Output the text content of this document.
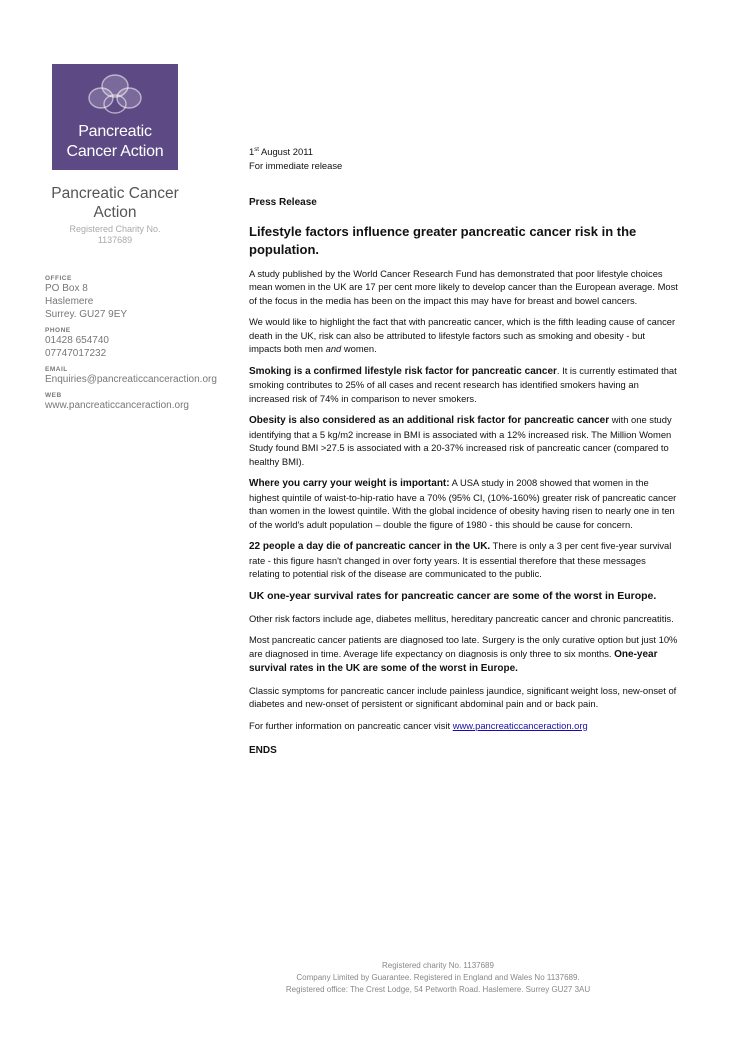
Pancreatic
Cancer Action
Pancreatic Cancer
Action
Registered Charity No.
1137689
OFFICE
PO Box 8
Haslemere
Surrey. GU27 9EY
PHONE
01428 654740
07747017232
EMAIL
Enquiries@pancreaticcanceraction.org
WEB
www.pancreaticcanceraction.org
1st August 2011
For immediate release
Press Release
Lifestyle factors influence greater pancreatic cancer risk in the population.

A study published by the World Cancer Research Fund has demonstrated that poor lifestyle choices mean women in the UK are 17 per cent more likely to develop cancer than the European average. Most of the focus in the media has been on the impact this may have for breast and bowel cancers.

We would like to highlight the fact that with pancreatic cancer, which is the fifth leading cause of cancer death in the UK, risk can also be attributed to lifestyle factors such as smoking and obesity - but impacts both men and women.

Smoking is a confirmed lifestyle risk factor for pancreatic cancer. It is currently estimated that smoking contributes to 25% of all cases and recent research has identified smokers having an increased risk of 74% in comparison to never smokers.

Obesity is also considered as an additional risk factor for pancreatic cancer with one study identifying that a 5 kg/m2 increase in BMI is associated with a 12% increased risk. The Million Women Study found BMI >27.5 is associated with a 20-37% increased risk of pancreatic cancer (compared to healthy BMI).

Where you carry your weight is important: A USA study in 2008 showed that women in the highest quintile of waist-to-hip-ratio have a 70% (95% CI, (10%-160%) greater risk of pancreatic cancer than women in the lowest quintile. With the global incidence of obesity having risen to nearly one in ten of the world's adult population – double the figure of 1980 - this should be cause for concern.

22 people a day die of pancreatic cancer in the UK. There is only a 3 per cent five-year survival rate - this figure hasn't changed in over forty years. It is essential therefore that these messages relating to potential risk of the disease are communicated to the public.

UK one-year survival rates for pancreatic cancer are some of the worst in Europe.

Other risk factors include age, diabetes mellitus, hereditary pancreatic cancer and chronic pancreatitis.

Most pancreatic cancer patients are diagnosed too late. Surgery is the only curative option but just 10% are diagnosed in time. Average life expectancy on diagnosis is only three to six months. One-year survival rates in the UK are some of the worst in Europe.

Classic symptoms for pancreatic cancer include painless jaundice, significant weight loss, new-onset of diabetes and new-onset of persistent or significant abdominal pain and or back pain.

For further information on pancreatic cancer visit www.pancreaticcanceraction.org

ENDS
Registered charity No. 1137689
Company Limited by Guarantee. Registered in England and Wales No 1137689.
Registered office: The Crest Lodge, 54 Petworth Road. Haslemere. Surrey GU27 3AU
